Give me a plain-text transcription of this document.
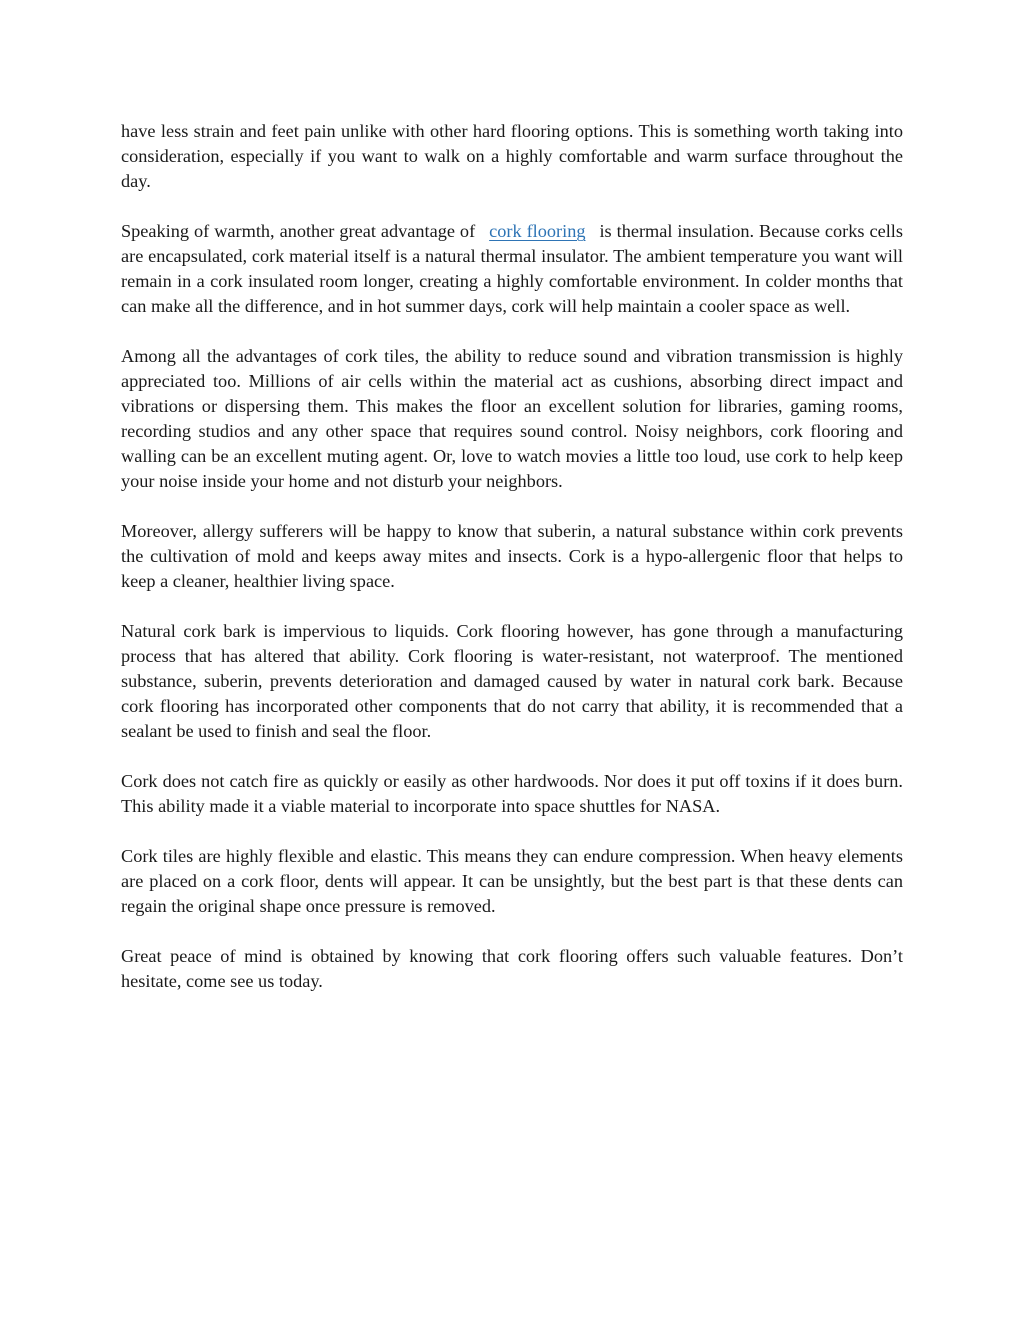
have less strain and feet pain unlike with other hard flooring options. This is something worth taking into consideration, especially if you want to walk on a highly comfortable and warm surface throughout the day.

Speaking of warmth, another great advantage of cork flooring is thermal insulation. Because corks cells are encapsulated, cork material itself is a natural thermal insulator. The ambient temperature you want will remain in a cork insulated room longer, creating a highly comfortable environment. In colder months that can make all the difference, and in hot summer days, cork will help maintain a cooler space as well.

Among all the advantages of cork tiles, the ability to reduce sound and vibration transmission is highly appreciated too. Millions of air cells within the material act as cushions, absorbing direct impact and vibrations or dispersing them. This makes the floor an excellent solution for libraries, gaming rooms, recording studios and any other space that requires sound control. Noisy neighbors, cork flooring and walling can be an excellent muting agent. Or, love to watch movies a little too loud, use cork to help keep your noise inside your home and not disturb your neighbors.

Moreover, allergy sufferers will be happy to know that suberin, a natural substance within cork prevents the cultivation of mold and keeps away mites and insects. Cork is a hypo-allergenic floor that helps to keep a cleaner, healthier living space.

Natural cork bark is impervious to liquids. Cork flooring however, has gone through a manufacturing process that has altered that ability. Cork flooring is water-resistant, not waterproof. The mentioned substance, suberin, prevents deterioration and damaged caused by water in natural cork bark. Because cork flooring has incorporated other components that do not carry that ability, it is recommended that a sealant be used to finish and seal the floor.

Cork does not catch fire as quickly or easily as other hardwoods. Nor does it put off toxins if it does burn. This ability made it a viable material to incorporate into space shuttles for NASA.

Cork tiles are highly flexible and elastic. This means they can endure compression. When heavy elements are placed on a cork floor, dents will appear. It can be unsightly, but the best part is that these dents can regain the original shape once pressure is removed.

Great peace of mind is obtained by knowing that cork flooring offers such valuable features. Don’t hesitate, come see us today.
